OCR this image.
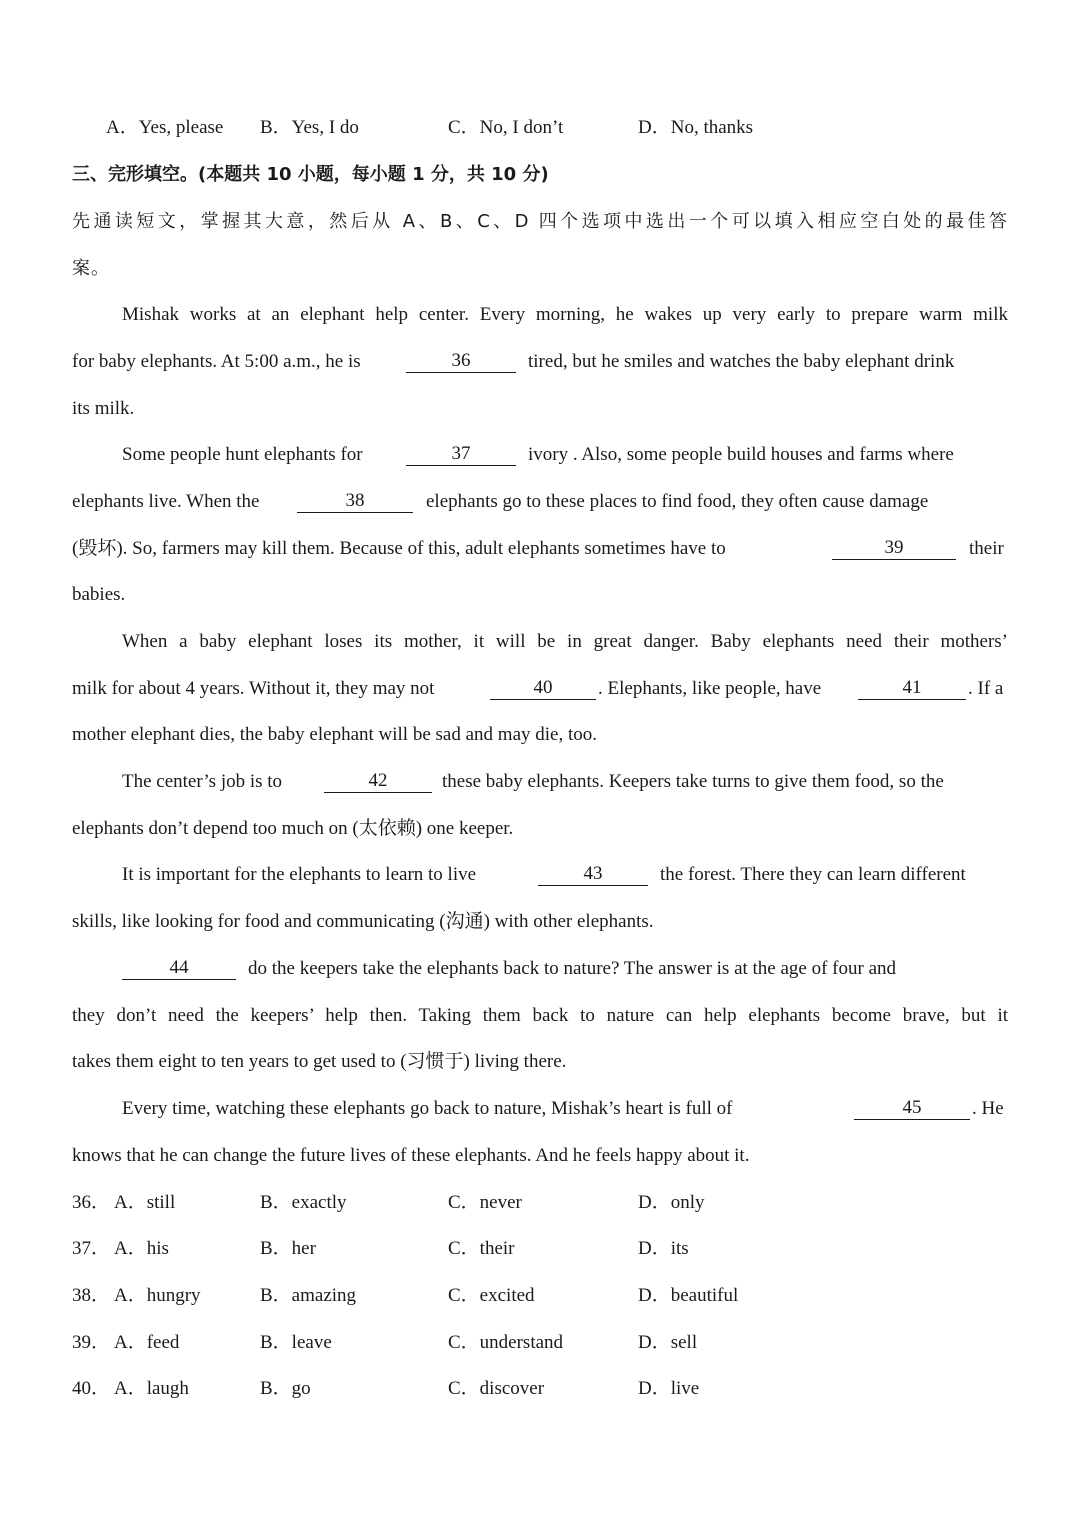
A．Yes, please B．Yes, I do	C．No, I don’t	D．No, thanks
三、完形填空。(本题共 10 小题，每小题 1 分，共 10 分)
先通读短文，掌握其大意，然后从 A、B、C、D 四个选项中选出一个可以填入相应空白处的最佳答
案。
Mishak works at an elephant help center. Every morning, he wakes up very early to prepare warm milk
for baby elephants. At 5:00 a.m., he is	36	tired, but he smiles and watches the baby elephant drink
its milk.
Some people hunt elephants for	37	ivory . Also, some people build houses and farms where
elephants live. When the	38	elephants go to these places to find food, they often cause damage
(毁坏). So, farmers may kill them. Because of this, adult elephants sometimes have to	39	their
babies.
When a baby elephant loses its mother, it will be in great danger. Baby elephants need their mothers’
milk for about 4 years. Without it, they may not	40	. Elephants, like people, have	41	. If a
mother elephant dies, the baby elephant will be sad and may die, too.
The center’s job is to	42	these baby elephants. Keepers take turns to give them food, so the
elephants don’t depend too much on (太依赖) one keeper.
It is important for the elephants to learn to live	43	the forest. There they can learn different
skills, like looking for food and communicating (沟通) with other elephants.
44	do the keepers take the elephants back to nature? The answer is at the age of four and
they don’t need the keepers’ help then. Taking them back to nature can help elephants become brave, but it
takes them eight to ten years to get used to (习惯于) living there.
Every time, watching these elephants go back to nature, Mishak’s heart is full of	45	. He
knows that he can change the future lives of these elephants. And he feels happy about it.
36． A．still	B．exactly	C．never	D．only
37． A．his	B．her	C．their	D．its
38． A．hungry	B．amazing	C．excited	D．beautiful
39． A．feed	B．leave	C．understand	D．sell
40． A．laugh	B．go	C．discover	D．live
